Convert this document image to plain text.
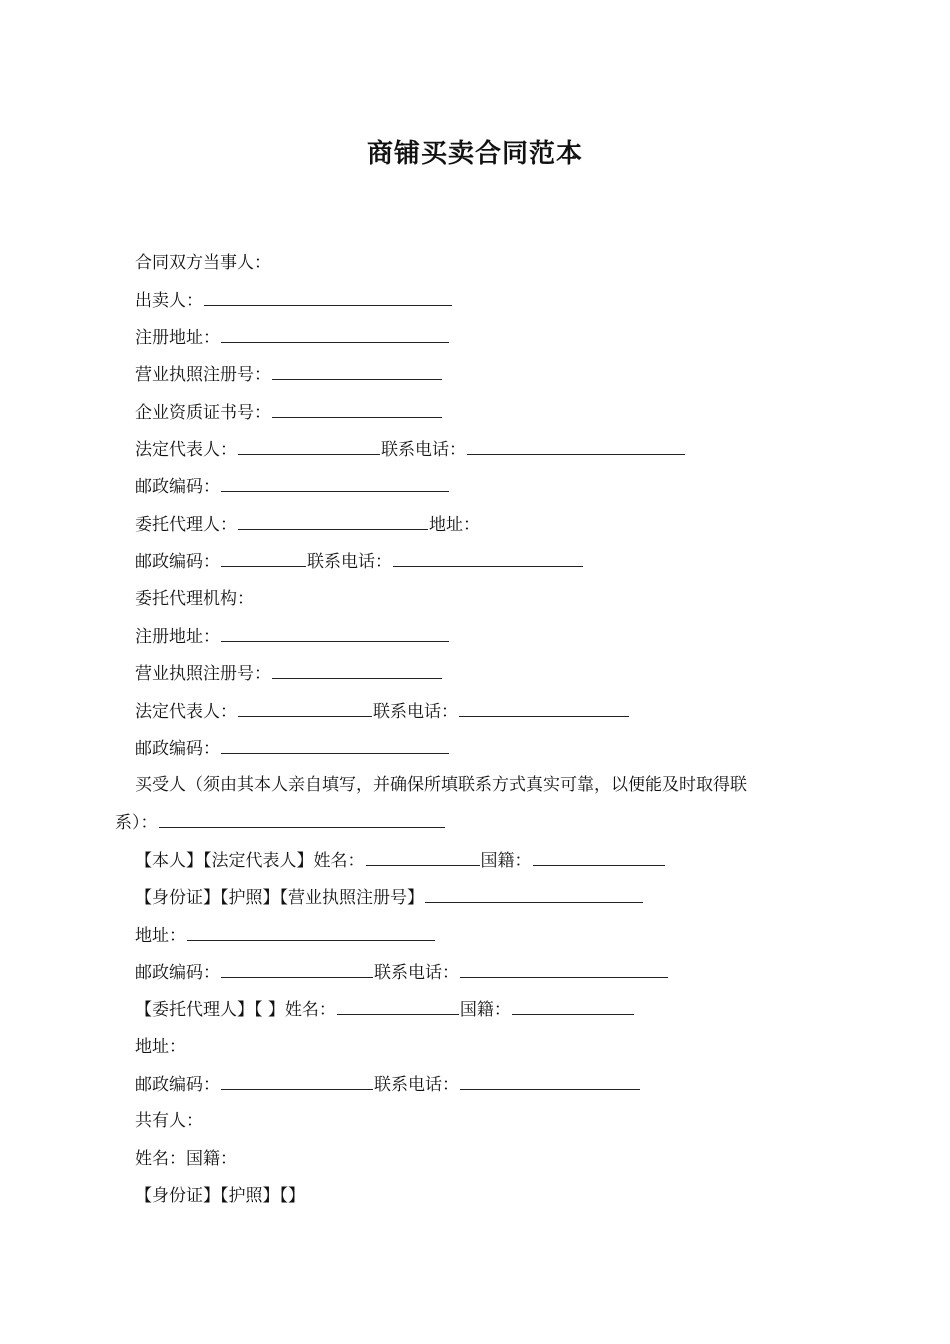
商铺买卖合同范本
合同双方当事人：
出卖人：
注册地址：
营业执照注册号：
企业资质证书号：
法定代表人：	联系电话：
邮政编码：
委托代理人：	地址：
邮政编码：	联系电话：
委托代理机构：
注册地址：
营业执照注册号：
法定代表人：	联系电话：
邮政编码：
买受人（须由其本人亲自填写，并确保所填联系方式真实可靠，以便能及时取得联
系）：
【本人】【法定代表人】姓名：	国籍：
【身份证】【护照】【营业执照注册号】
地址：
邮政编码：	联系电话：
【委托代理人】【 】姓名：	国籍：
地址：
邮政编码：	联系电话：
共有人：
姓名：国籍：
【身份证】【护照】【】
